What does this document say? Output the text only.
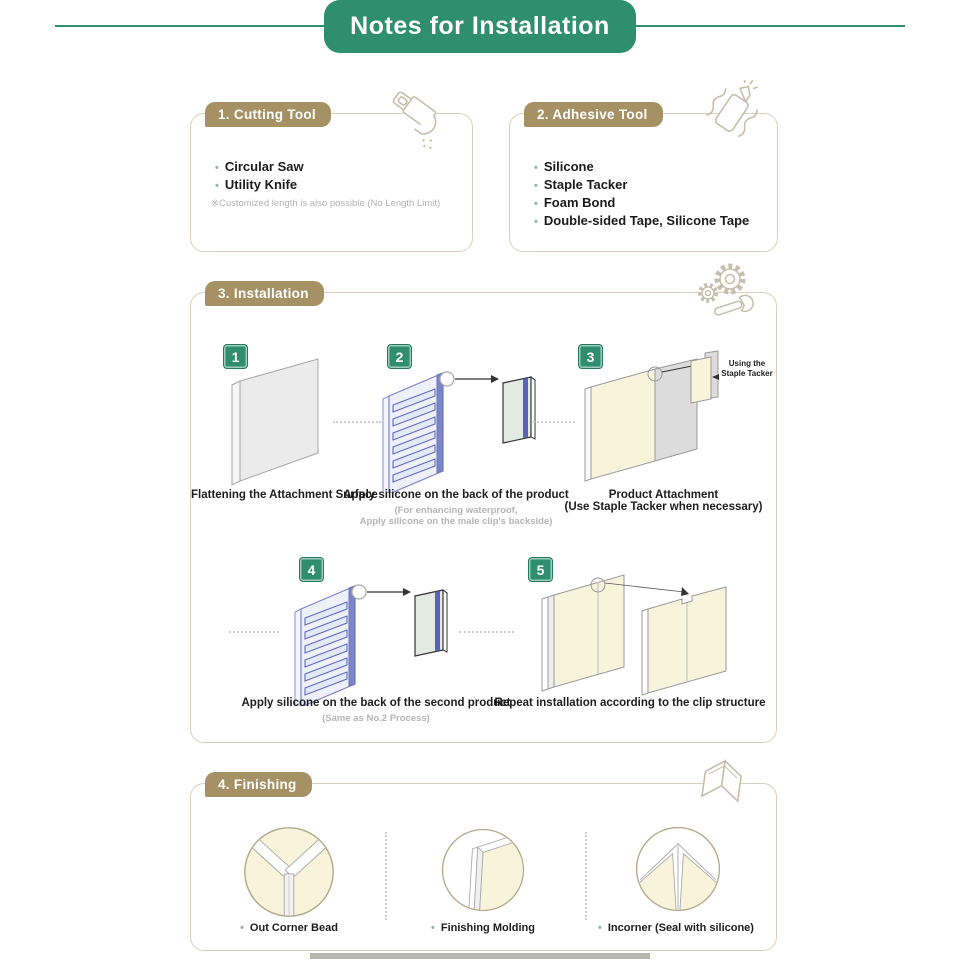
Notes for Installation
1. Cutting Tool
• Circular Saw
• Utility Knife
※Customized length is also possible (No Length Limit)
2. Adhesive Tool
• Silicone
• Staple Tacker
• Foam Bond
• Double-sided Tape, Silicone Tape
3. Installation
1
Flattening the Attachment Surface
2
Apply silicone on the back of the product
(For enhancing waterproof,
Apply silicone on the male clip's backside)
3	Using the
Staple Tacker
Product Attachment
(Use Staple Tacker when necessary)
4
Apply silicone on the back of the second product
(Same as No.2 Process)
5
Repeat installation according to the clip structure
4. Finishing
• Out Corner Bead	• Finishing Molding	• Incorner (Seal with silicone)
